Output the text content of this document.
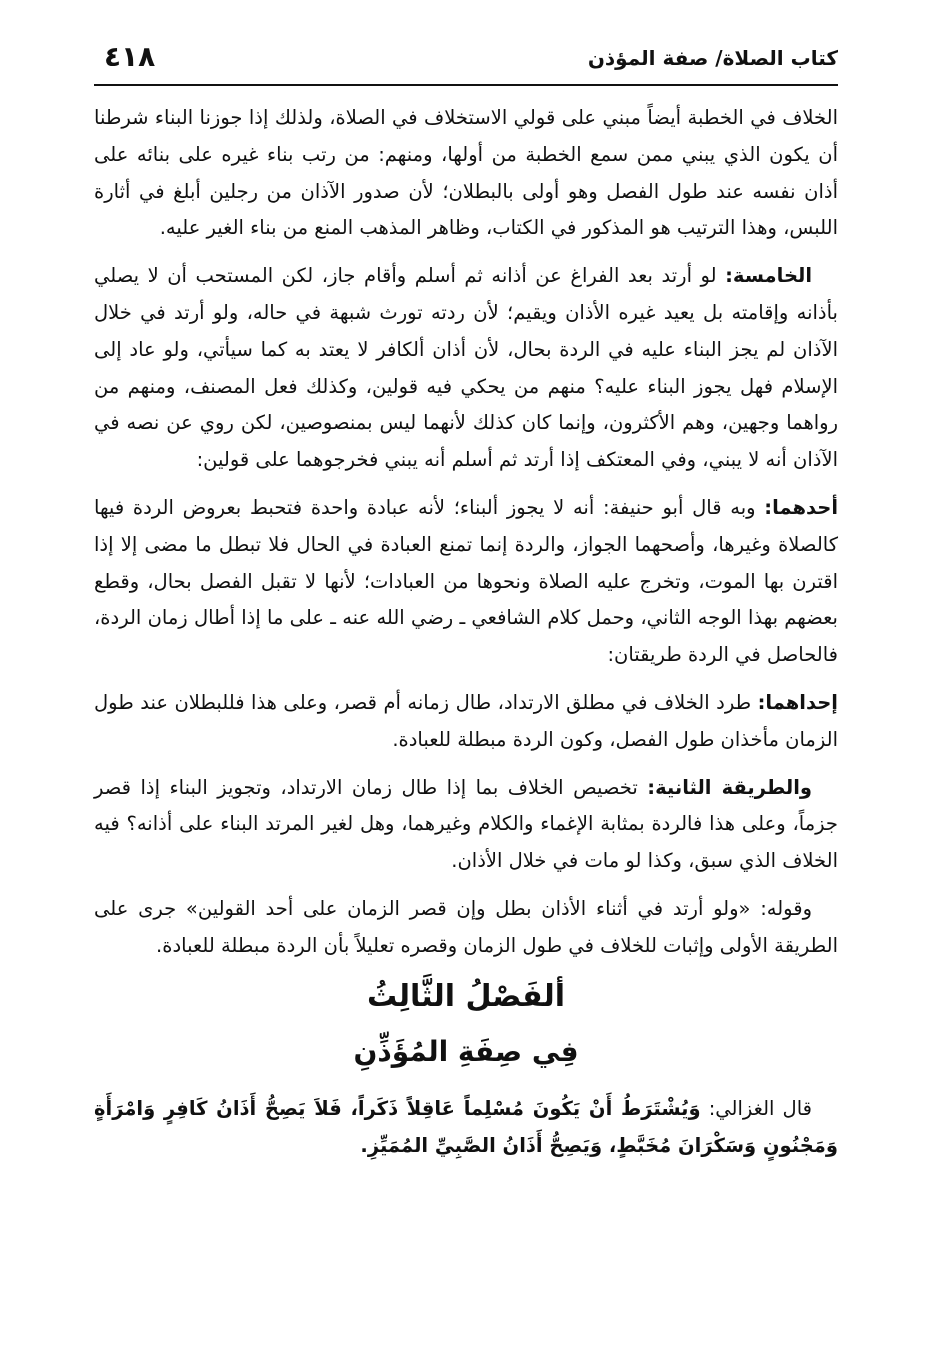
كتاب الصلاة/ صفة المؤذن
٤١٨

الخلاف في الخطبة أيضاً مبني على قولي الاستخلاف في الصلاة، ولذلك إذا جوزنا البناء شرطنا أن يكون الذي يبني ممن سمع الخطبة من أولها، ومنهم: من رتب بناء غيره على بنائه على أذان نفسه عند طول الفصل وهو أولى بالبطلان؛ لأن صدور الآذان من رجلين أبلغ في أثارة اللبس، وهذا الترتيب هو المذكور في الكتاب، وظاهر المذهب المنع من بناء الغير عليه.

الخامسة: لو أرتد بعد الفراغ عن أذانه ثم أسلم وأقام جاز، لكن المستحب أن لا يصلي بأذانه وإقامته بل يعيد غيره الأذان ويقيم؛ لأن ردته تورث شبهة في حاله، ولو أرتد في خلال الآذان لم يجز البناء عليه في الردة بحال، لأن أذان ألكافر لا يعتد به كما سيأتي، ولو عاد إلى الإسلام فهل يجوز البناء عليه؟ منهم من يحكي فيه قولين، وكذلك فعل المصنف، ومنهم من رواهما وجهين، وهم الأكثرون، وإنما كان كذلك لأنهما ليس بمنصوصين، لكن روي عن نصه في الآذان أنه لا يبني، وفي المعتكف إذا أرتد ثم أسلم أنه يبني فخرجوهما على قولين:

أحدهما: وبه قال أبو حنيفة: أنه لا يجوز ألبناء؛ لأنه عبادة واحدة فتحبط بعروض الردة فيها كالصلاة وغيرها، وأصحهما الجواز، والردة إنما تمنع العبادة في الحال فلا تبطل ما مضى إلا إذا اقترن بها الموت، وتخرج عليه الصلاة ونحوها من العبادات؛ لأنها لا تقبل الفصل بحال، وقطع بعضهم بهذا الوجه الثاني، وحمل كلام الشافعي ـ رضي الله عنه ـ على ما إذا أطال زمان الردة، فالحاصل في الردة طريقتان:

إحداهما: طرد الخلاف في مطلق الارتداد، طال زمانه أم قصر، وعلى هذا فللبطلان عند طول الزمان مأخذان طول الفصل، وكون الردة مبطلة للعبادة.

والطريقة الثانية: تخصيص الخلاف بما إذا طال زمان الارتداد، وتجويز البناء إذا قصر جزماً، وعلى هذا فالردة بمثابة الإغماء والكلام وغيرهما، وهل لغير المرتد البناء على أذانه؟ فيه الخلاف الذي سبق، وكذا لو مات في خلال الأذان.

وقوله: «ولو أرتد في أثناء الأذان بطل وإن قصر الزمان على أحد القولين» جرى على الطريقة الأولى وإثبات للخلاف في طول الزمان وقصره تعليلاً بأن الردة مبطلة للعبادة.

ألفَصْلُ الثَّالِثُ
فِي صِفَةِ المُؤَذِّنِ

قال الغزالي: وَيُشْتَرَطُ أَنْ يَكُونَ مُسْلِماً عَاقِلاً ذَكَراً، فَلاَ يَصِحُّ أَذَانُ كَافِرٍ وَامْرَأَةٍ وَمَجْنُونٍ وَسَكْرَانَ مُخَبَّطٍ، وَيَصِحُّ أَذَانُ الصَّبِيِّ المُمَيِّزِ.
